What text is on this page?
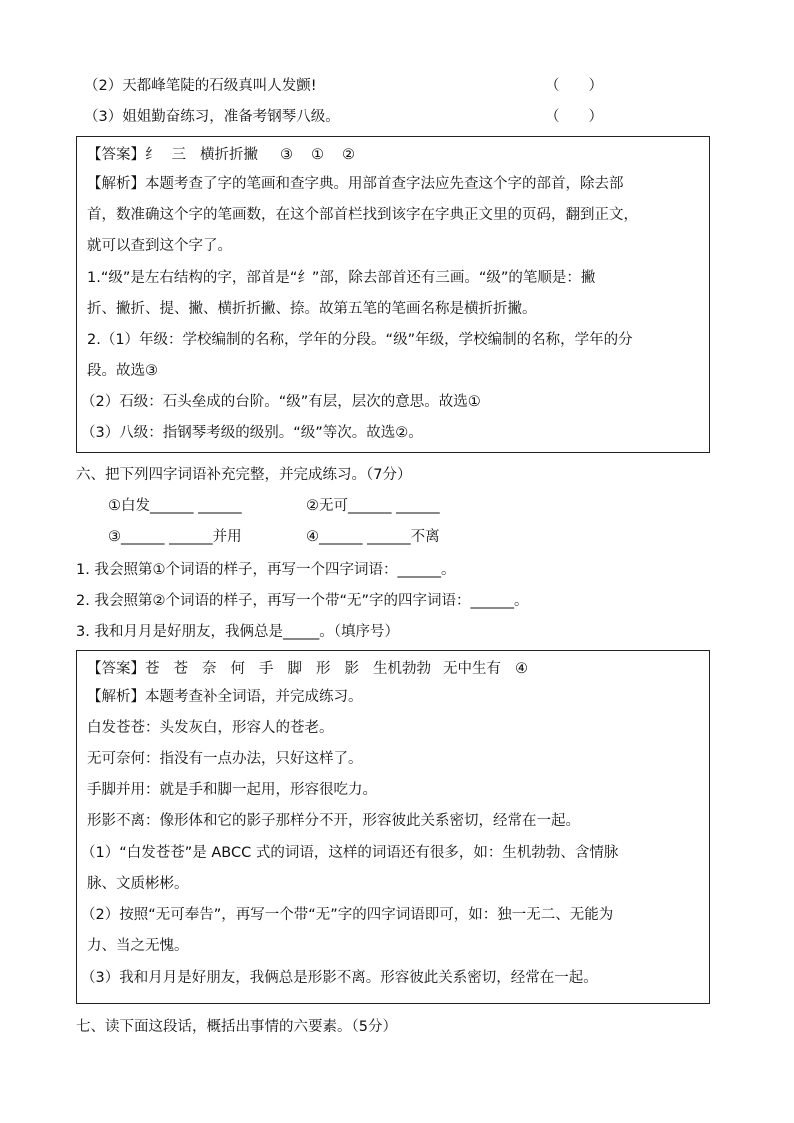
（2）天都峰笔陡的石级真叫人发颤!	（　　）
（3）姐姐勤奋练习，准备考钢琴八级。	（　　）
【答案】纟 三 横折折撇 ③ ① ②
【解析】本题考查了字的笔画和查字典。用部首查字法应先查这个字的部首，除去部
首，数准确这个字的笔画数，在这个部首栏找到该字在字典正文里的页码，翻到正文，
就可以查到这个字了。
1.“级”是左右结构的字，部首是“纟”部，除去部首还有三画。“级”的笔顺是：撇
折、撇折、提、撇、横折折撇、捺。故第五笔的笔画名称是横折折撇。
2.（1）年级：学校编制的名称，学年的分段。“级”年级，学校编制的名称，学年的分
段。故选③
（2）石级：石头垒成的台阶。“级”有层，层次的意思。故选①
（3）八级：指钢琴考级的级别。“级”等次。故选②。
六、把下列四字词语补充完整，并完成练习。（7分）
①白发______ ______	②无可______ ______
③______ ______并用	④______ ______不离
1. 我会照第①个词语的样子，再写一个四字词语：______。
2. 我会照第②个词语的样子，再写一个带“无”字的四字词语：______。
3. 我和月月是好朋友，我俩总是_____。（填序号）
【答案】苍 苍 奈 何 手 脚 形 影 生机勃勃 无中生有 ④
【解析】本题考查补全词语，并完成练习。
白发苍苍：头发灰白，形容人的苍老。
无可奈何：指没有一点办法，只好这样了。
手脚并用：就是手和脚一起用，形容很吃力。
形影不离：像形体和它的影子那样分不开，形容彼此关系密切，经常在一起。
（1）“白发苍苍”是 ABCC 式的词语，这样的词语还有很多，如：生机勃勃、含情脉
脉、文质彬彬。
（2）按照“无可奉告”，再写一个带“无”字的四字词语即可，如：独一无二、无能为
力、当之无愧。
（3）我和月月是好朋友，我俩总是形影不离。形容彼此关系密切，经常在一起。
七、读下面这段话，概括出事情的六要素。（5分）
